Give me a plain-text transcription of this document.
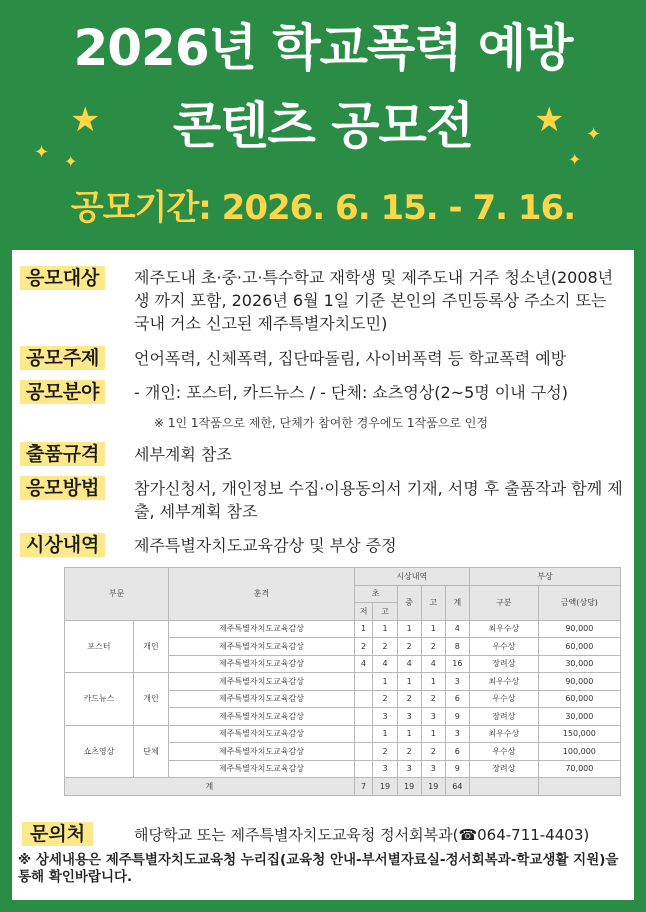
2026년 학교폭력 예방
콘텐츠 공모전
★
✦ ✦
★ ✦
✦
공모기간: 2026. 6. 15. - 7. 16.
응모대상	제주도내 초·중·고·특수학교 재학생 및 제주도내 거주 청소년(2008년생 까지 포함, 2026년 6월 1일 기준 본인의 주민등록상 주소지 또는 국내 거소 신고된 제주특별자치도민)
공모주제	언어폭력, 신체폭력, 집단따돌림, 사이버폭력 등 학교폭력 예방
공모분야	- 개인: 포스터, 카드뉴스 / - 단체: 쇼츠영상(2~5명 이내 구성)
※ 1인 1작품으로 제한, 단체가 참여한 경우에도 1작품으로 인정
출품규격	세부계획 참조
응모방법	참가신청서, 개인정보 수집·이용동의서 기재, 서명 후 출품작과 함께 제출, 세부계획 참조
시상내역	제주특별자치도교육감상 및 부상 증정
부문		훈격	시상내역					부상	
			초		중	고	계	구분	금액(상당)
			저	고					
포스터	개인	제주특별자치도교육감상	1	1	1	1	4	최우수상	90,000
		제주특별자치도교육감상	2	2	2	2	8	우수상	60,000
		제주특별자치도교육감상	4	4	4	4	16	장려상	30,000
카드뉴스	개인	제주특별자치도교육감상		1	1	1	3	최우수상	90,000
		제주특별자치도교육감상		2	2	2	6	우수상	60,000
		제주특별자치도교육감상		3	3	3	9	장려상	30,000
쇼츠영상	단체	제주특별자치도교육감상		1	1	1	3	최우수상	150,000
		제주특별자치도교육감상		2	2	2	6	우수상	100,000
		제주특별자치도교육감상		3	3	3	9	장려상	70,000
계			7	19	19	19	64		
문의처	해당학교 또는 제주특별자치도교육청 정서회복과(☎064-711-4403)
※ 상세내용은 제주특별자치도교육청 누리집(교육청 안내-부서별자료실-정서회복과-학교생활 지원)을 통해 확인바랍니다.
